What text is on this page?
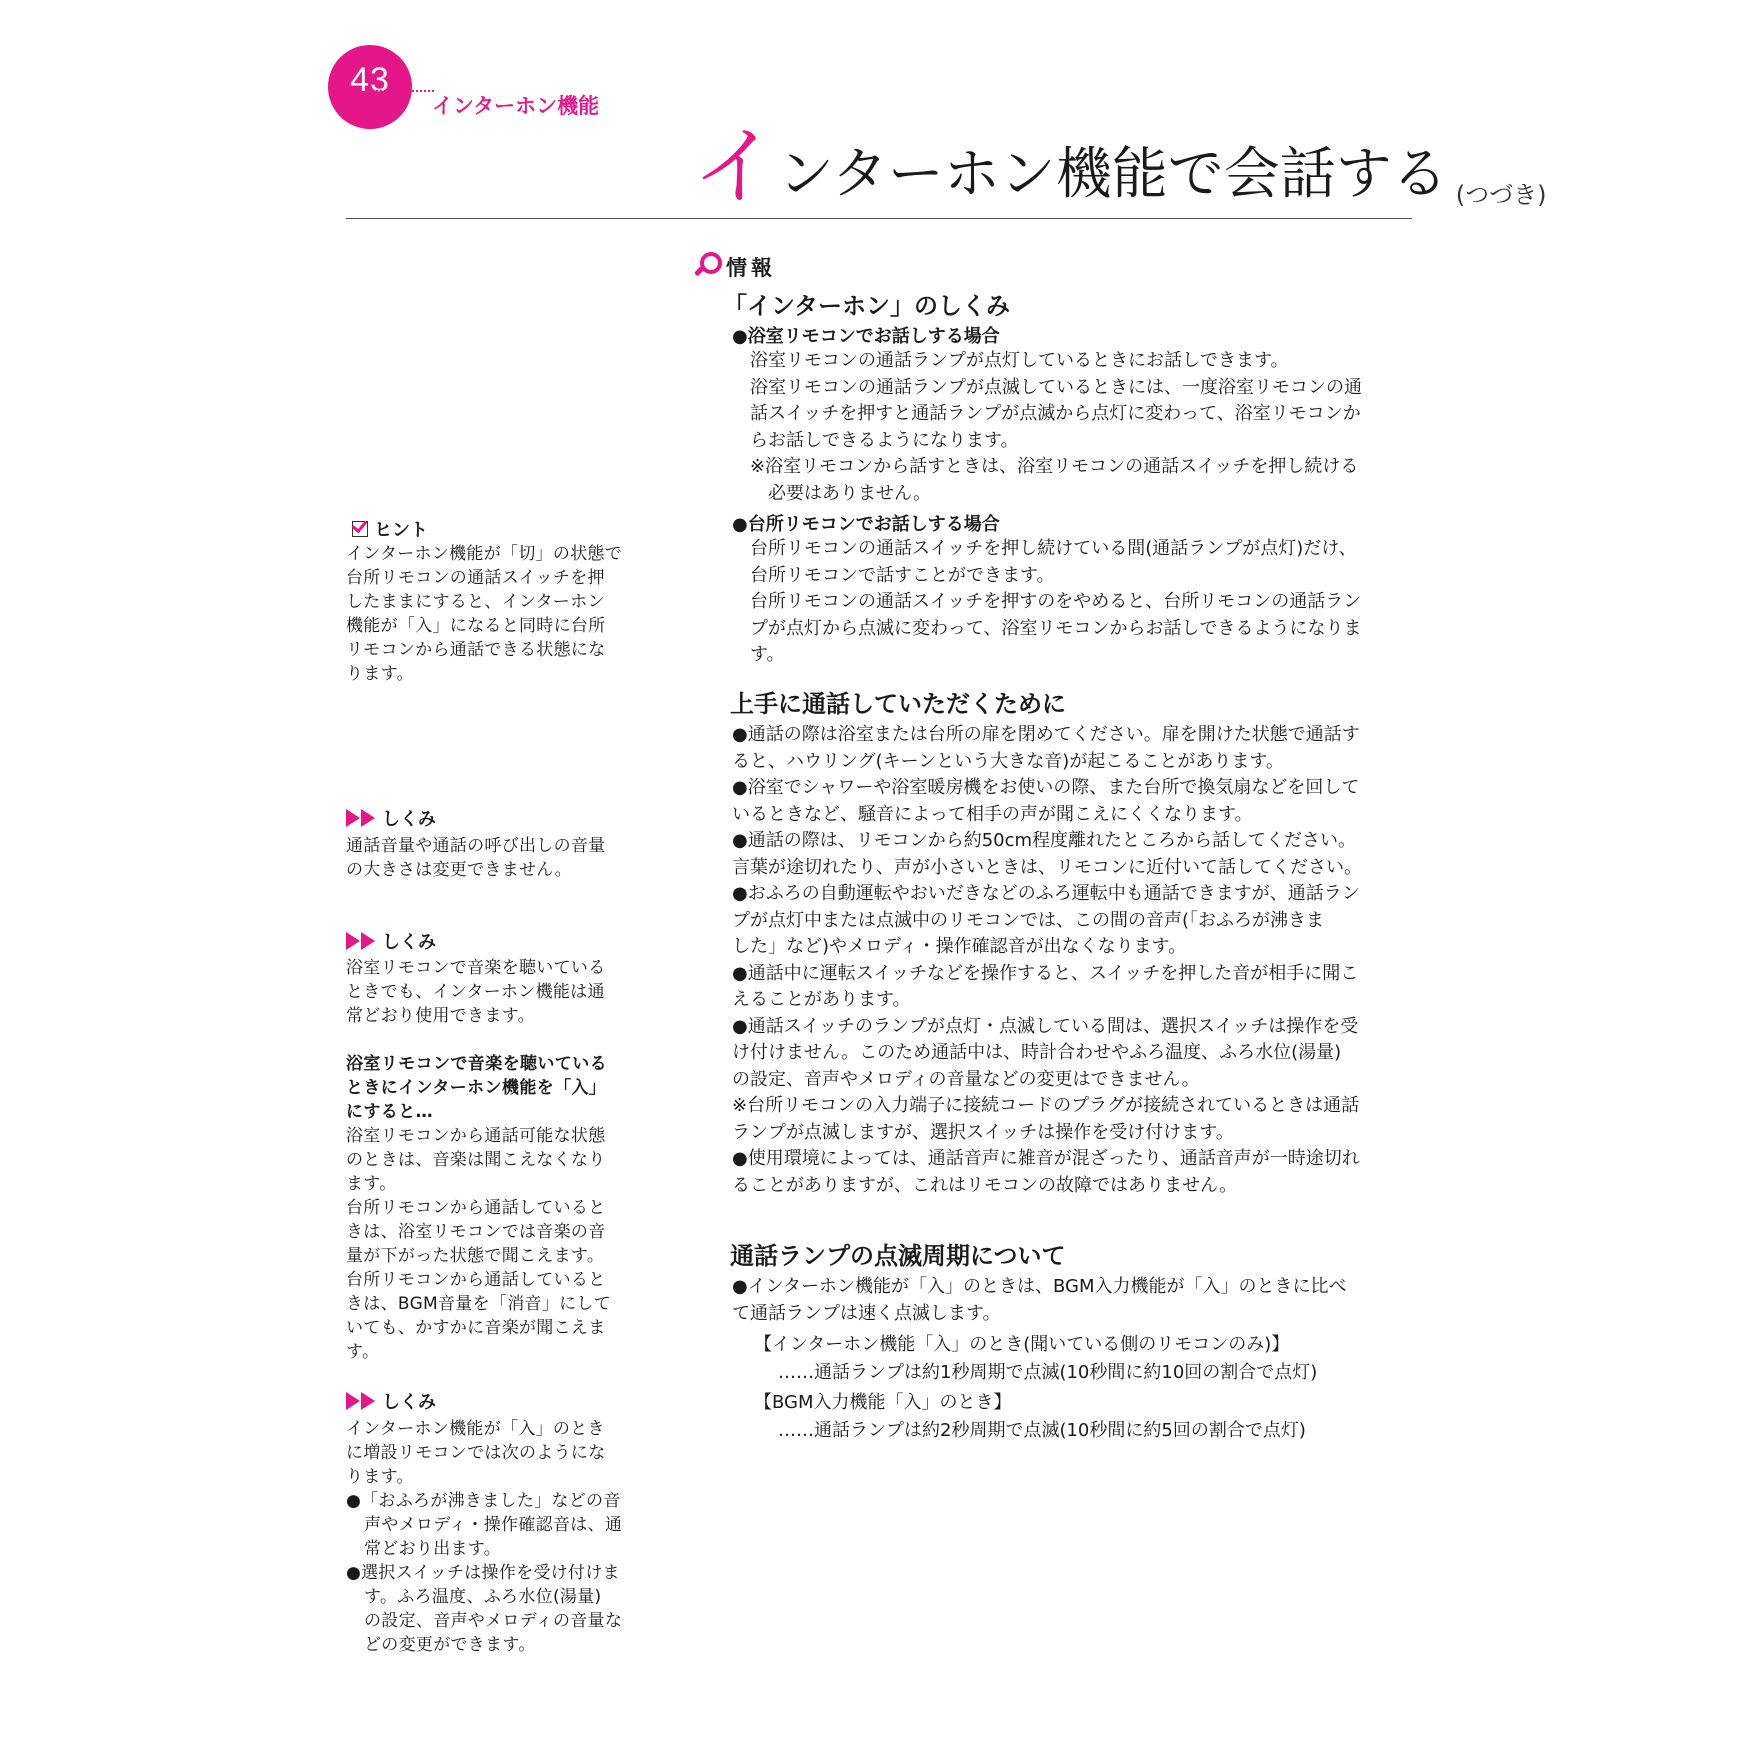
43
インターホン機能
インターホン機能で会話する (つづき)
ヒント
インターホン機能が「切」の状態で
台所リモコンの通話スイッチを押
したままにすると、インターホン
機能が「入」になると同時に台所
リモコンから通話できる状態にな
ります。
しくみ
通話音量や通話の呼び出しの音量
の大きさは変更できません。
しくみ
浴室リモコンで音楽を聴いている
ときでも、インターホン機能は通
常どおり使用できます。
浴室リモコンで音楽を聴いている
ときにインターホン機能を「入」
にすると…
浴室リモコンから通話可能な状態
のときは、音楽は聞こえなくなり
ます。
台所リモコンから通話していると
きは、浴室リモコンでは音楽の音
量が下がった状態で聞こえます。
台所リモコンから通話していると
きは、BGM音量を「消音」にして
いても、かすかに音楽が聞こえま
す。
しくみ
インターホン機能が「入」のとき
に増設リモコンでは次のようにな
ります。
●「おふろが沸きました」などの音
声やメロディ・操作確認音は、通
常どおり出ます。
●選択スイッチは操作を受け付けま
す。ふろ温度、ふろ水位(湯量)
の設定、音声やメロディの音量な
どの変更ができます。
情報
「インターホン」のしくみ
●浴室リモコンでお話しする場合
浴室リモコンの通話ランプが点灯しているときにお話しできます。
浴室リモコンの通話ランプが点滅しているときには、一度浴室リモコンの通
話スイッチを押すと通話ランプが点滅から点灯に変わって、浴室リモコンか
らお話しできるようになります。
※浴室リモコンから話すときは、浴室リモコンの通話スイッチを押し続ける
必要はありません。
●台所リモコンでお話しする場合
台所リモコンの通話スイッチを押し続けている間(通話ランプが点灯)だけ、
台所リモコンで話すことができます。
台所リモコンの通話スイッチを押すのをやめると、台所リモコンの通話ラン
プが点灯から点滅に変わって、浴室リモコンからお話しできるようになりま
す。
上手に通話していただくために
●通話の際は浴室または台所の扉を閉めてください。扉を開けた状態で通話す
ると、ハウリング(キーンという大きな音)が起こることがあります。
●浴室でシャワーや浴室暖房機をお使いの際、また台所で換気扇などを回して
いるときなど、騒音によって相手の声が聞こえにくくなります。
●通話の際は、リモコンから約50cm程度離れたところから話してください。
言葉が途切れたり、声が小さいときは、リモコンに近付いて話してください。
●おふろの自動運転やおいだきなどのふろ運転中も通話できますが、通話ラン
プが点灯中または点滅中のリモコンでは、この間の音声(「おふろが沸きま
した」など)やメロディ・操作確認音が出なくなります。
●通話中に運転スイッチなどを操作すると、スイッチを押した音が相手に聞こ
えることがあります。
●通話スイッチのランプが点灯・点滅している間は、選択スイッチは操作を受
け付けません。このため通話中は、時計合わせやふろ温度、ふろ水位(湯量)
の設定、音声やメロディの音量などの変更はできません。
※台所リモコンの入力端子に接続コードのプラグが接続されているときは通話
ランプが点滅しますが、選択スイッチは操作を受け付けます。
●使用環境によっては、通話音声に雑音が混ざったり、通話音声が一時途切れ
ることがありますが、これはリモコンの故障ではありません。
通話ランプの点滅周期について
●インターホン機能が「入」のときは、BGM入力機能が「入」のときに比べ
て通話ランプは速く点滅します。
【インターホン機能「入」のとき(聞いている側のリモコンのみ)】
……通話ランプは約1秒周期で点滅(10秒間に約10回の割合で点灯)
【BGM入力機能「入」のとき】
……通話ランプは約2秒周期で点滅(10秒間に約5回の割合で点灯)
